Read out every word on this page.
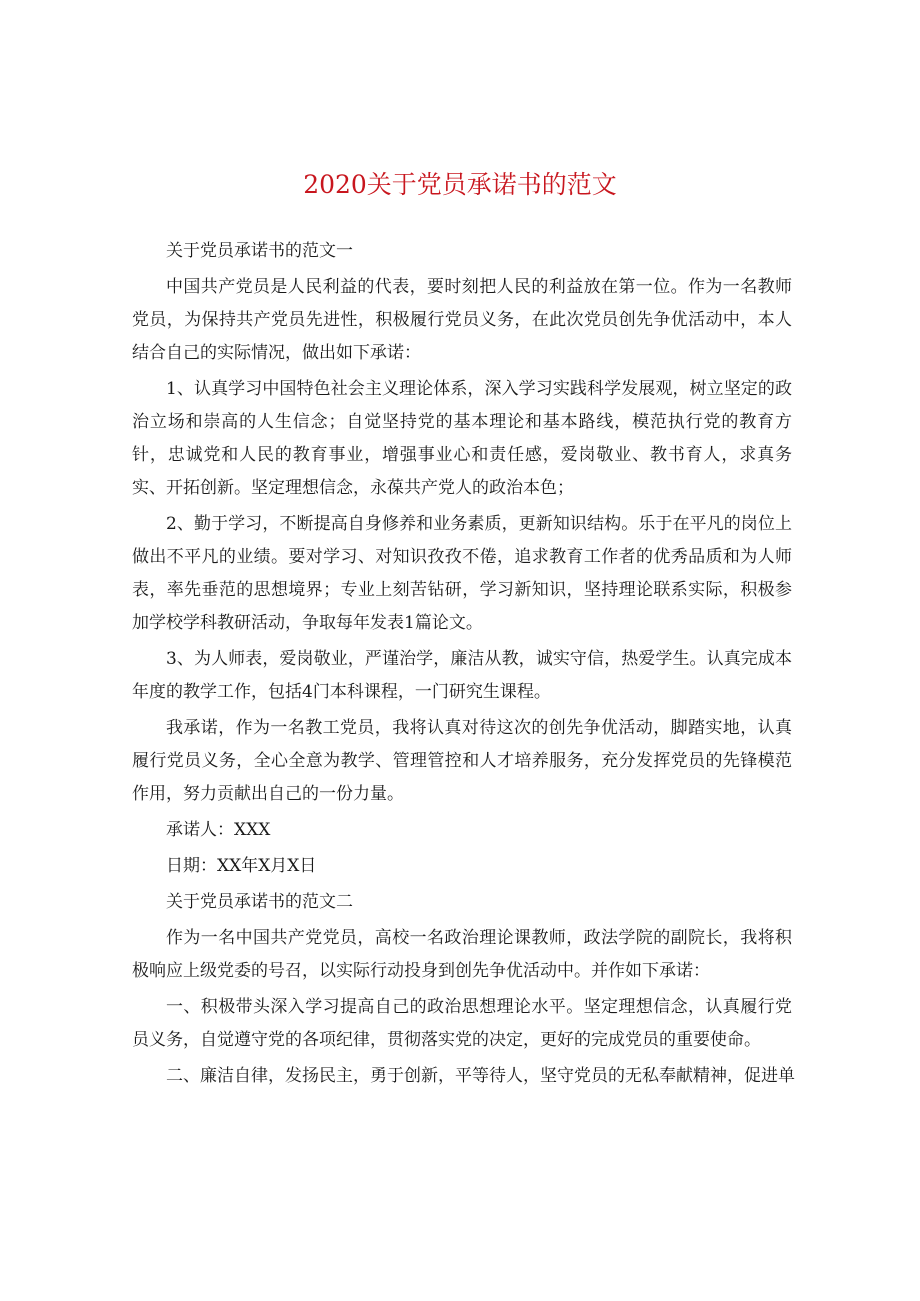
2020关于党员承诺书的范文

关于党员承诺书的范文一

中国共产党员是人民利益的代表，要时刻把人民的利益放在第一位。作为一名教师党员，为保持共产党员先进性，积极履行党员义务，在此次党员创先争优活动中，本人结合自己的实际情况，做出如下承诺：

1、认真学习中国特色社会主义理论体系，深入学习实践科学发展观，树立坚定的政治立场和崇高的人生信念；自觉坚持党的基本理论和基本路线，模范执行党的教育方针，忠诚党和人民的教育事业，增强事业心和责任感，爱岗敬业、教书育人，求真务实、开拓创新。坚定理想信念，永葆共产党人的政治本色；

2、勤于学习，不断提高自身修养和业务素质，更新知识结构。乐于在平凡的岗位上做出不平凡的业绩。要对学习、对知识孜孜不倦，追求教育工作者的优秀品质和为人师表，率先垂范的思想境界；专业上刻苦钻研，学习新知识，坚持理论联系实际，积极参加学校学科教研活动，争取每年发表1篇论文。

3、为人师表，爱岗敬业，严谨治学，廉洁从教，诚实守信，热爱学生。认真完成本年度的教学工作，包括4门本科课程，一门研究生课程。

我承诺，作为一名教工党员，我将认真对待这次的创先争优活动，脚踏实地，认真履行党员义务，全心全意为教学、管理管控和人才培养服务，充分发挥党员的先锋模范作用，努力贡献出自己的一份力量。

承诺人：XXX

日期：XX年X月X日

关于党员承诺书的范文二

作为一名中国共产党党员，高校一名政治理论课教师，政法学院的副院长，我将积极响应上级党委的号召，以实际行动投身到创先争优活动中。并作如下承诺：

一、积极带头深入学习提高自己的政治思想理论水平。坚定理想信念，认真履行党员义务，自觉遵守党的各项纪律，贯彻落实党的决定，更好的完成党员的重要使命。

二、廉洁自律，发扬民主，勇于创新，平等待人，坚守党员的无私奉献精神，促进单
